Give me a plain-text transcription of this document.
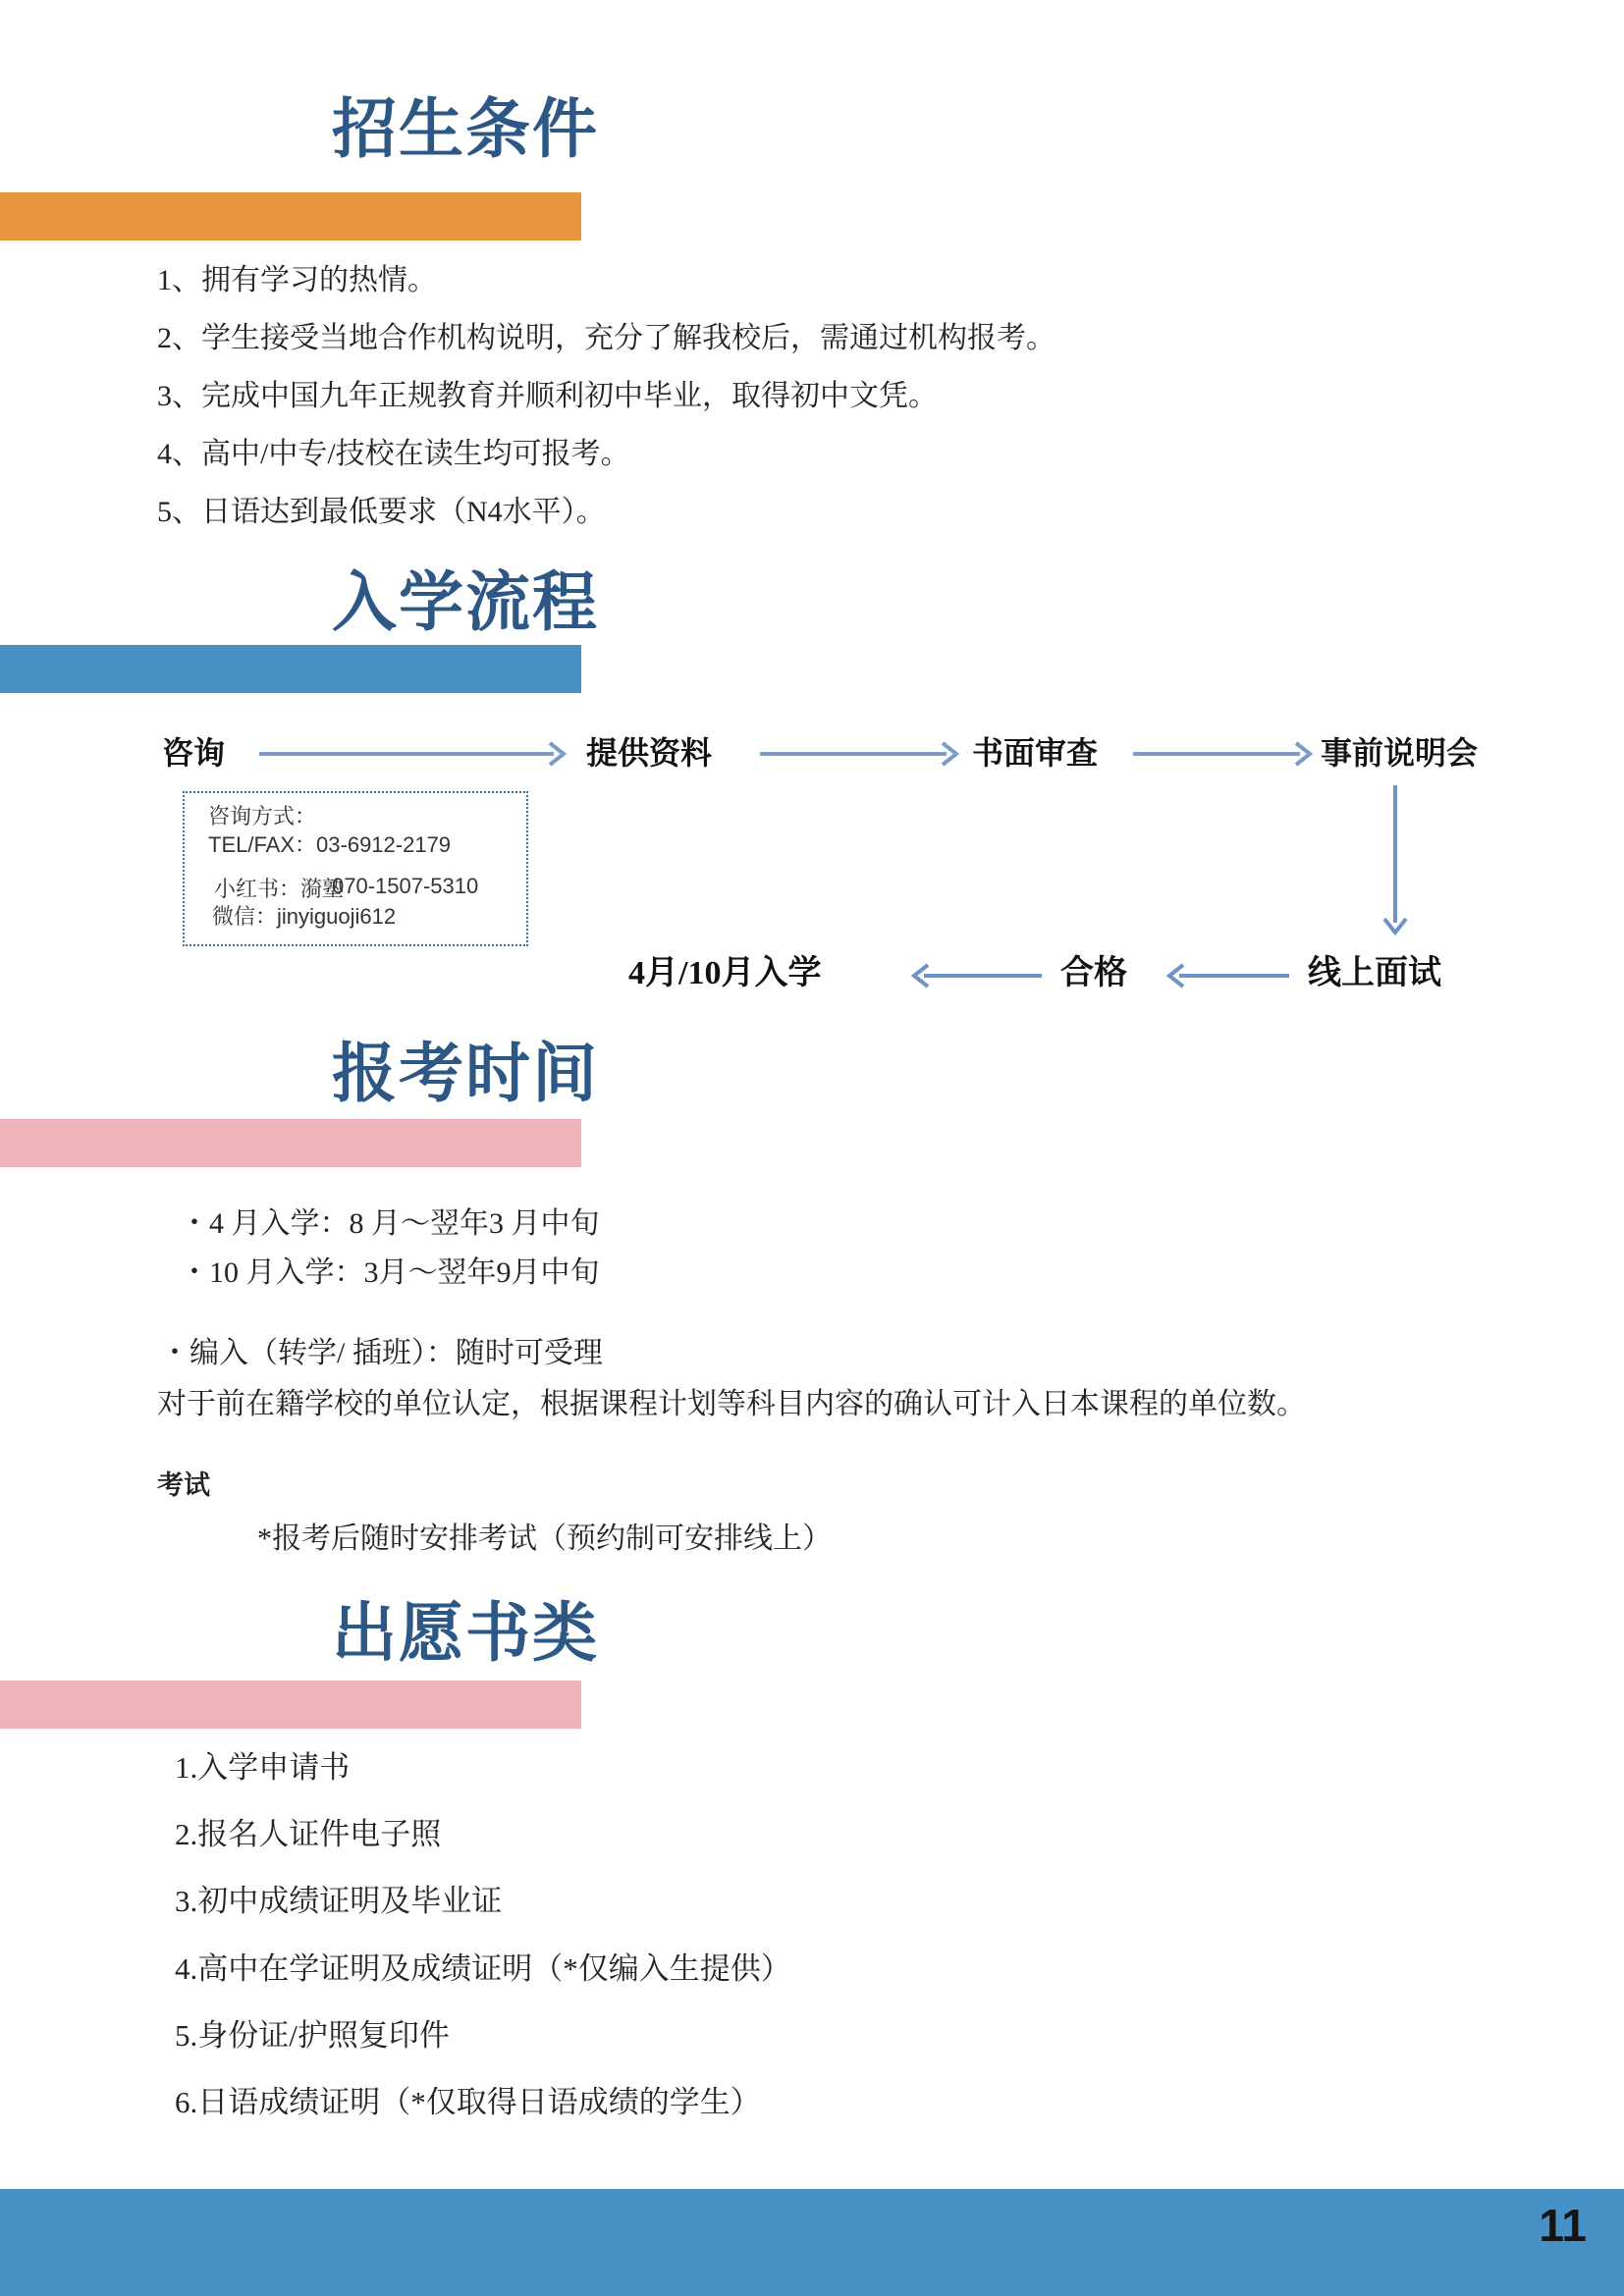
招生条件
1、拥有学习的热情。
2、学生接受当地合作机构说明，充分了解我校后，需通过机构报考。
3、完成中国九年正规教育并顺利初中毕业，取得初中文凭。
4、高中/中专/技校在读生均可报考。
5、日语达到最低要求（N4水平）。
入学流程
咨询	提供资料	书面审查	事前说明会
咨询方式：
TEL/FAX：03-6912-2179
070-1507-5310
小红书：漪塾
微信：jinyiguoji612
4月/10月入学	合格	线上面试
报考时间
・4 月入学：8 月～翌年3 月中旬
・10 月入学：3月～翌年9月中旬
・编入（转学/ 插班）：随时可受理
对于前在籍学校的单位认定，根据课程计划等科目内容的确认可计入日本课程的单位数。
考试
*报考后随时安排考试（预约制可安排线上）
出愿书类
1.入学申请书
2.报名人证件电子照
3.初中成绩证明及毕业证
4.高中在学证明及成绩证明（*仅编入生提供）
5.身份证/护照复印件
6.日语成绩证明（*仅取得日语成绩的学生）
11
